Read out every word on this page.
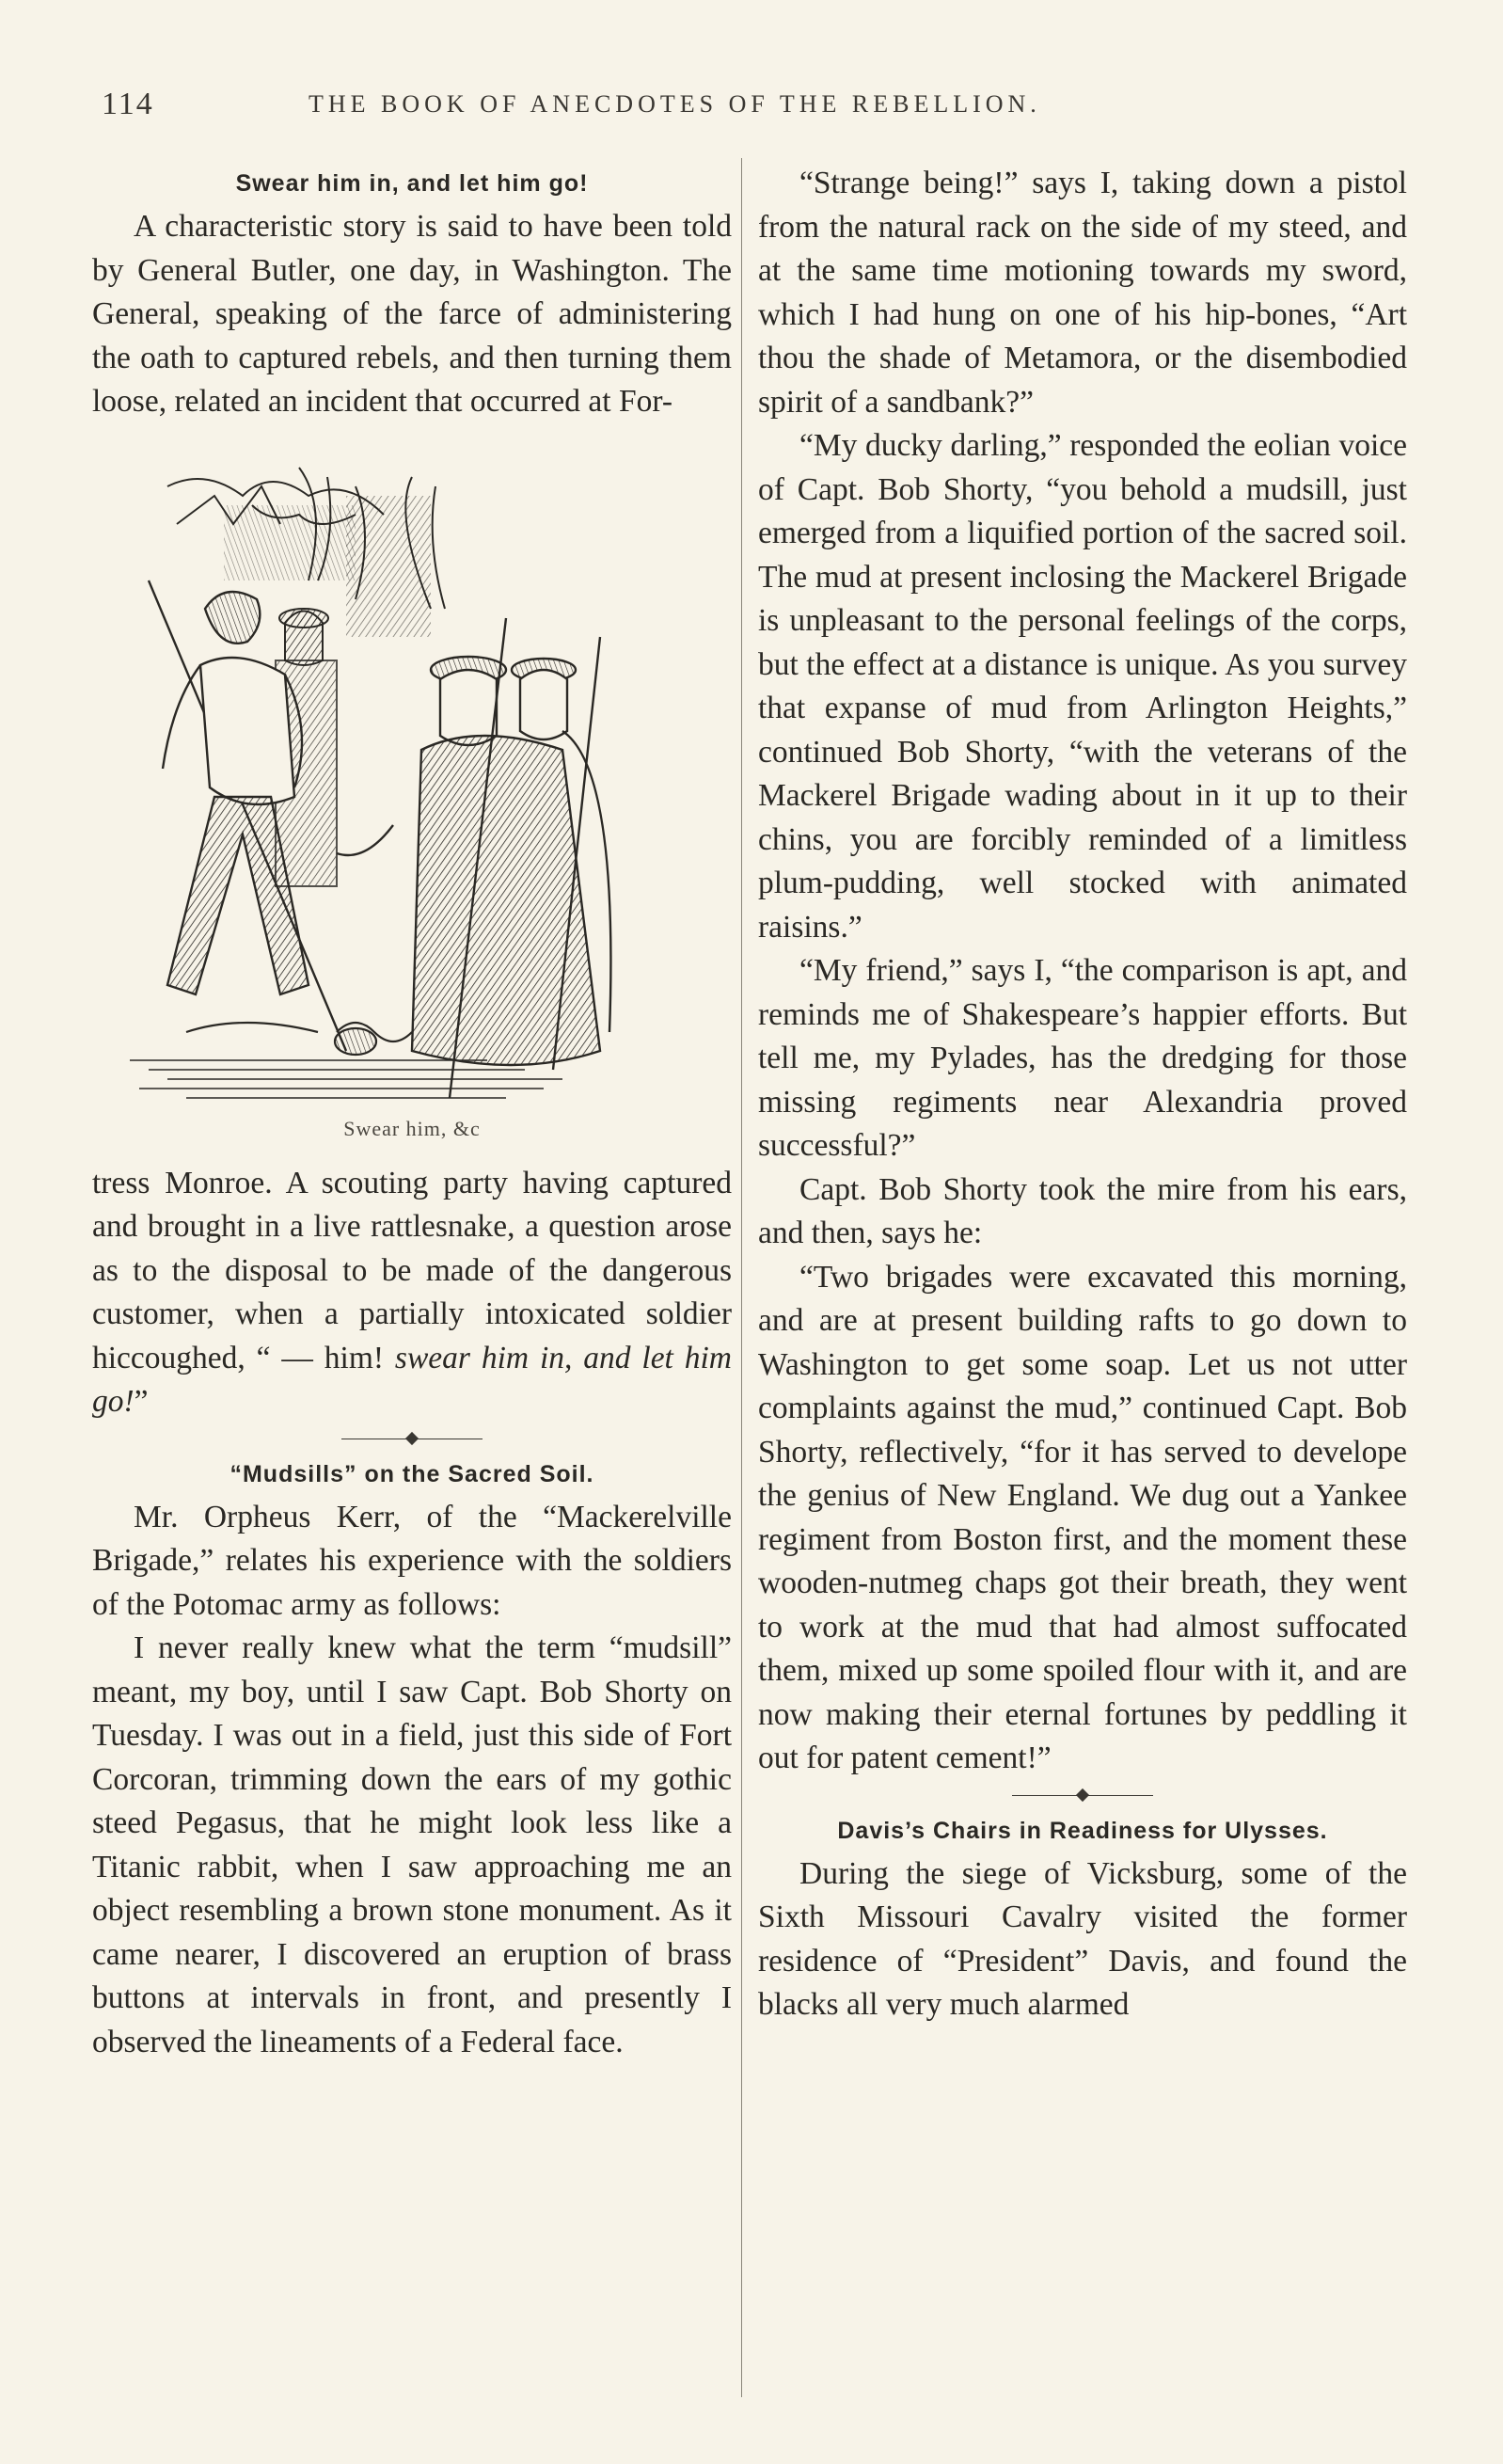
114	THE BOOK OF ANECDOTES OF THE REBELLION.
Swear him in, and let him go!

A characteristic story is said to have been told by General Butler, one day, in Washington. The General, speaking of the farce of administering the oath to captured rebels, and then turning them loose, related an incident that occurred at For-

Swear him, &c

tress Monroe. A scouting party having captured and brought in a live rattlesnake, a question arose as to the disposal to be made of the dangerous customer, when a partially intoxicated soldier hiccoughed, “ — him! swear him in, and let him go!”

“Mudsills” on the Sacred Soil.

Mr. Orpheus Kerr, of the “Mackerelville Brigade,” relates his experience with the soldiers of the Potomac army as follows:

I never really knew what the term “mudsill” meant, my boy, until I saw Capt. Bob Shorty on Tuesday. I was out in a field, just this side of Fort Corcoran, trimming down the ears of my gothic steed Pegasus, that he might look less like a Titanic rabbit, when I saw approaching me an object resembling a brown stone monument. As it came nearer, I discovered an eruption of brass buttons at intervals in front, and presently I observed the lineaments of a Federal face.

“Strange being!” says I, taking down a pistol from the natural rack on the side of my steed, and at the same time motioning towards my sword, which I had hung on one of his hip-bones, “Art thou the shade of Metamora, or the disembodied spirit of a sandbank?”

“My ducky darling,” responded the eolian voice of Capt. Bob Shorty, “you behold a mudsill, just emerged from a liquified portion of the sacred soil. The mud at present inclosing the Mackerel Brigade is unpleasant to the personal feelings of the corps, but the effect at a distance is unique. As you survey that expanse of mud from Arlington Heights,” continued Bob Shorty, “with the veterans of the Mackerel Brigade wading about in it up to their chins, you are forcibly reminded of a limitless plum-pudding, well stocked with animated raisins.”

“My friend,” says I, “the comparison is apt, and reminds me of Shakespeare’s happier efforts. But tell me, my Pylades, has the dredging for those missing regiments near Alexandria proved successful?”

Capt. Bob Shorty took the mire from his ears, and then, says he:

“Two brigades were excavated this morning, and are at present building rafts to go down to Washington to get some soap. Let us not utter complaints against the mud,” continued Capt. Bob Shorty, reflectively, “for it has served to develope the genius of New England. We dug out a Yankee regiment from Boston first, and the moment these wooden-nutmeg chaps got their breath, they went to work at the mud that had almost suffocated them, mixed up some spoiled flour with it, and are now making their eternal fortunes by peddling it out for patent cement!”

Davis’s Chairs in Readiness for Ulysses.

During the siege of Vicksburg, some of the Sixth Missouri Cavalry visited the former residence of “President” Davis, and found the blacks all very much alarmed
